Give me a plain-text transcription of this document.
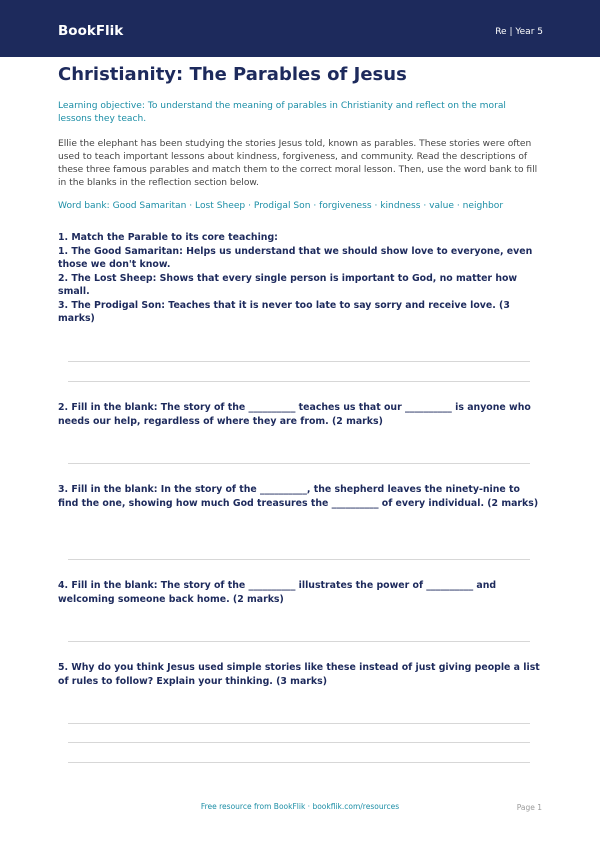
BookFlik	Re | Year 5
Christianity: The Parables of Jesus

Learning objective: To understand the meaning of parables in Christianity and reflect on the moral lessons they teach.

Ellie the elephant has been studying the stories Jesus told, known as parables. These stories were often used to teach important lessons about kindness, forgiveness, and community. Read the descriptions of these three famous parables and match them to the correct moral lesson. Then, use the word bank to fill in the blanks in the reflection section below.

Word bank: Good Samaritan · Lost Sheep · Prodigal Son · forgiveness · kindness · value · neighbor

1. Match the Parable to its core teaching:
1. The Good Samaritan: Helps us understand that we should show love to everyone, even those we don't know.
2. The Lost Sheep: Shows that every single person is important to God, no matter how small.
3. The Prodigal Son: Teaches that it is never too late to say sorry and receive love. (3 marks)

2. Fill in the blank: The story of the __________ teaches us that our __________ is anyone who needs our help, regardless of where they are from. (2 marks)

3. Fill in the blank: In the story of the __________, the shepherd leaves the ninety-nine to find the one, showing how much God treasures the __________ of every individual. (2 marks)

4. Fill in the blank: The story of the __________ illustrates the power of __________ and welcoming someone back home. (2 marks)

5. Why do you think Jesus used simple stories like these instead of just giving people a list of rules to follow? Explain your thinking. (3 marks)

Free resource from BookFlik · bookflik.com/resources	Page 1
